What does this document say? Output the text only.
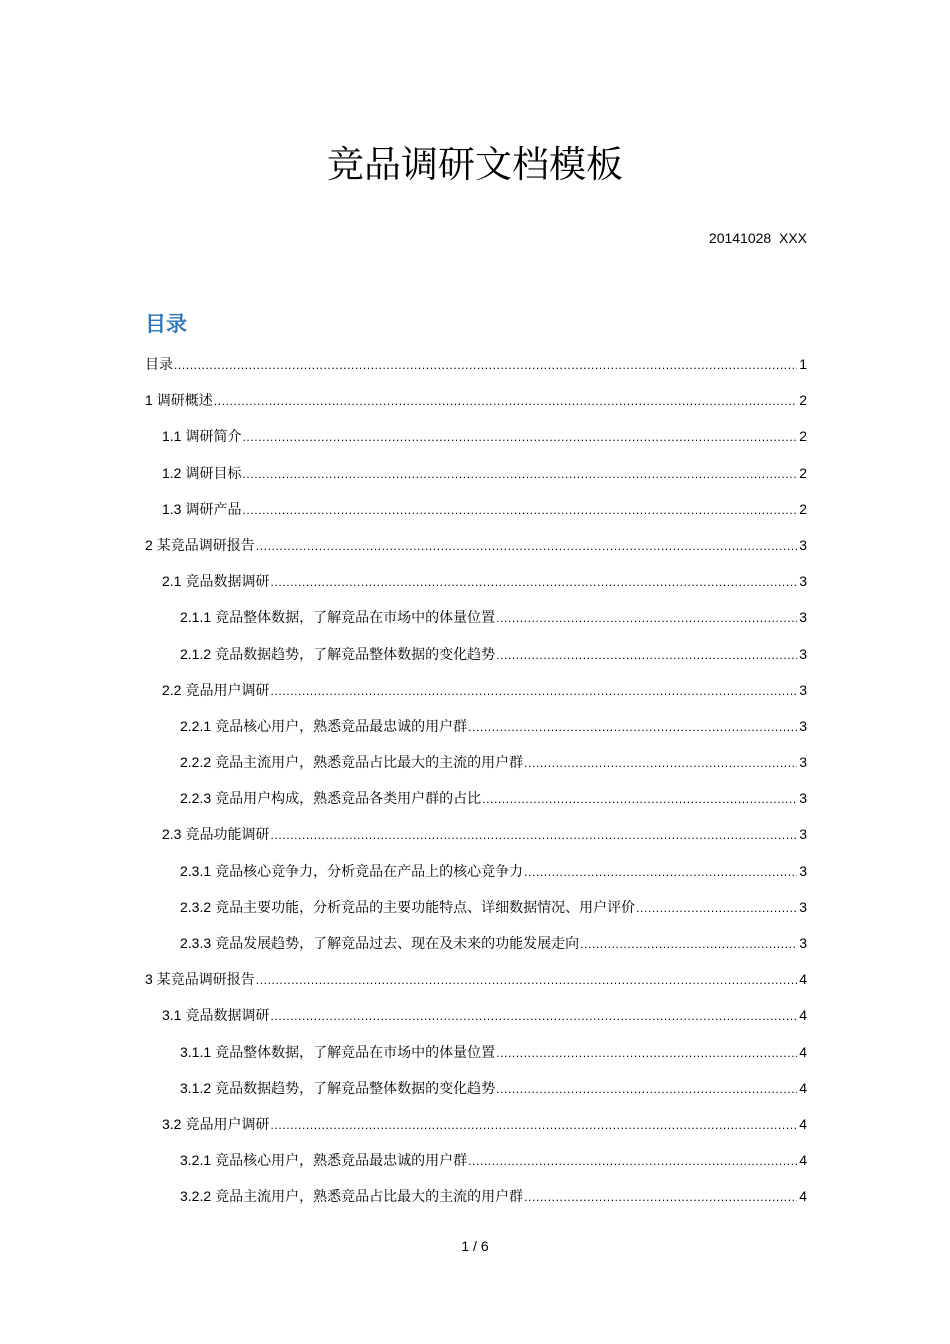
竞品调研文档模板
20141028  XXX
目录
目录 .....	1
1 调研概述 .....	2
1.1 调研简介 .....	2
1.2 调研目标 .....	2
1.3 调研产品 .....	2
2 某竞品调研报告 .....	3
2.1 竞品数据调研 .....	3
2.1.1 竞品整体数据，了解竞品在市场中的体量位置 .....	3
2.1.2 竞品数据趋势，了解竞品整体数据的变化趋势 .....	3
2.2 竞品用户调研 .....	3
2.2.1 竞品核心用户，熟悉竞品最忠诚的用户群 .....	3
2.2.2 竞品主流用户，熟悉竞品占比最大的主流的用户群 .....	3
2.2.3 竞品用户构成，熟悉竞品各类用户群的占比 .....	3
2.3 竞品功能调研 .....	3
2.3.1 竞品核心竞争力，分析竞品在产品上的核心竞争力 .....	3
2.3.2 竞品主要功能，分析竞品的主要功能特点、详细数据情况、用户评价 .....	3
2.3.3 竞品发展趋势，了解竞品过去、现在及未来的功能发展走向 .....	3
3 某竞品调研报告 .....	4
3.1 竞品数据调研 .....	4
3.1.1 竞品整体数据，了解竞品在市场中的体量位置 .....	4
3.1.2 竞品数据趋势，了解竞品整体数据的变化趋势 .....	4
3.2 竞品用户调研 .....	4
3.2.1 竞品核心用户，熟悉竞品最忠诚的用户群 .....	4
3.2.2 竞品主流用户，熟悉竞品占比最大的主流的用户群 .....	4
1 / 6
